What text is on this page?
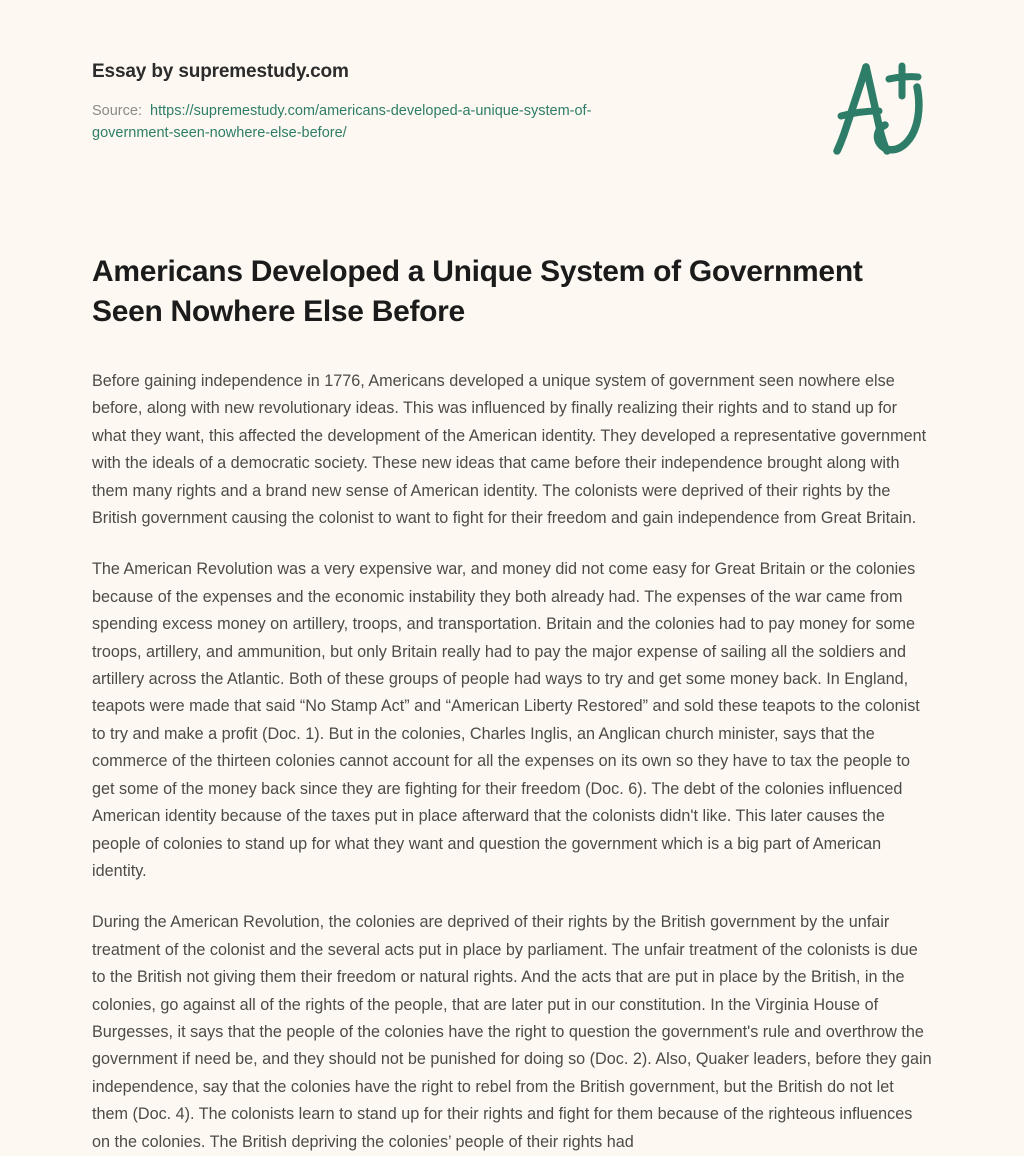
Essay by supremestudy.com
Source: https://supremestudy.com/americans-developed-a-unique-system-of-government-seen-nowhere-else-before/
Americans Developed a Unique System of Government Seen Nowhere Else Before

Before gaining independence in 1776, Americans developed a unique system of government seen nowhere else before, along with new revolutionary ideas. This was influenced by finally realizing their rights and to stand up for what they want, this affected the development of the American identity. They developed a representative government with the ideals of a democratic society. These new ideas that came before their independence brought along with them many rights and a brand new sense of American identity. The colonists were deprived of their rights by the British government causing the colonist to want to fight for their freedom and gain independence from Great Britain.

The American Revolution was a very expensive war, and money did not come easy for Great Britain or the colonies because of the expenses and the economic instability they both already had. The expenses of the war came from spending excess money on artillery, troops, and transportation. Britain and the colonies had to pay money for some troops, artillery, and ammunition, but only Britain really had to pay the major expense of sailing all the soldiers and artillery across the Atlantic. Both of these groups of people had ways to try and get some money back. In England, teapots were made that said “No Stamp Act” and “American Liberty Restored” and sold these teapots to the colonist to try and make a profit (Doc. 1). But in the colonies, Charles Inglis, an Anglican church minister, says that the commerce of the thirteen colonies cannot account for all the expenses on its own so they have to tax the people to get some of the money back since they are fighting for their freedom (Doc. 6). The debt of the colonies influenced American identity because of the taxes put in place afterward that the colonists didn't like. This later causes the people of colonies to stand up for what they want and question the government which is a big part of American identity.

During the American Revolution, the colonies are deprived of their rights by the British government by the unfair treatment of the colonist and the several acts put in place by parliament. The unfair treatment of the colonists is due to the British not giving them their freedom or natural rights. And the acts that are put in place by the British, in the colonies, go against all of the rights of the people, that are later put in our constitution. In the Virginia House of Burgesses, it says that the people of the colonies have the right to question the government's rule and overthrow the government if need be, and they should not be punished for doing so (Doc. 2). Also, Quaker leaders, before they gain independence, say that the colonies have the right to rebel from the British government, but the British do not let them (Doc. 4). The colonists learn to stand up for their rights and fight for them because of the righteous influences on the colonies. The British depriving the colonies’ people of their rights had
